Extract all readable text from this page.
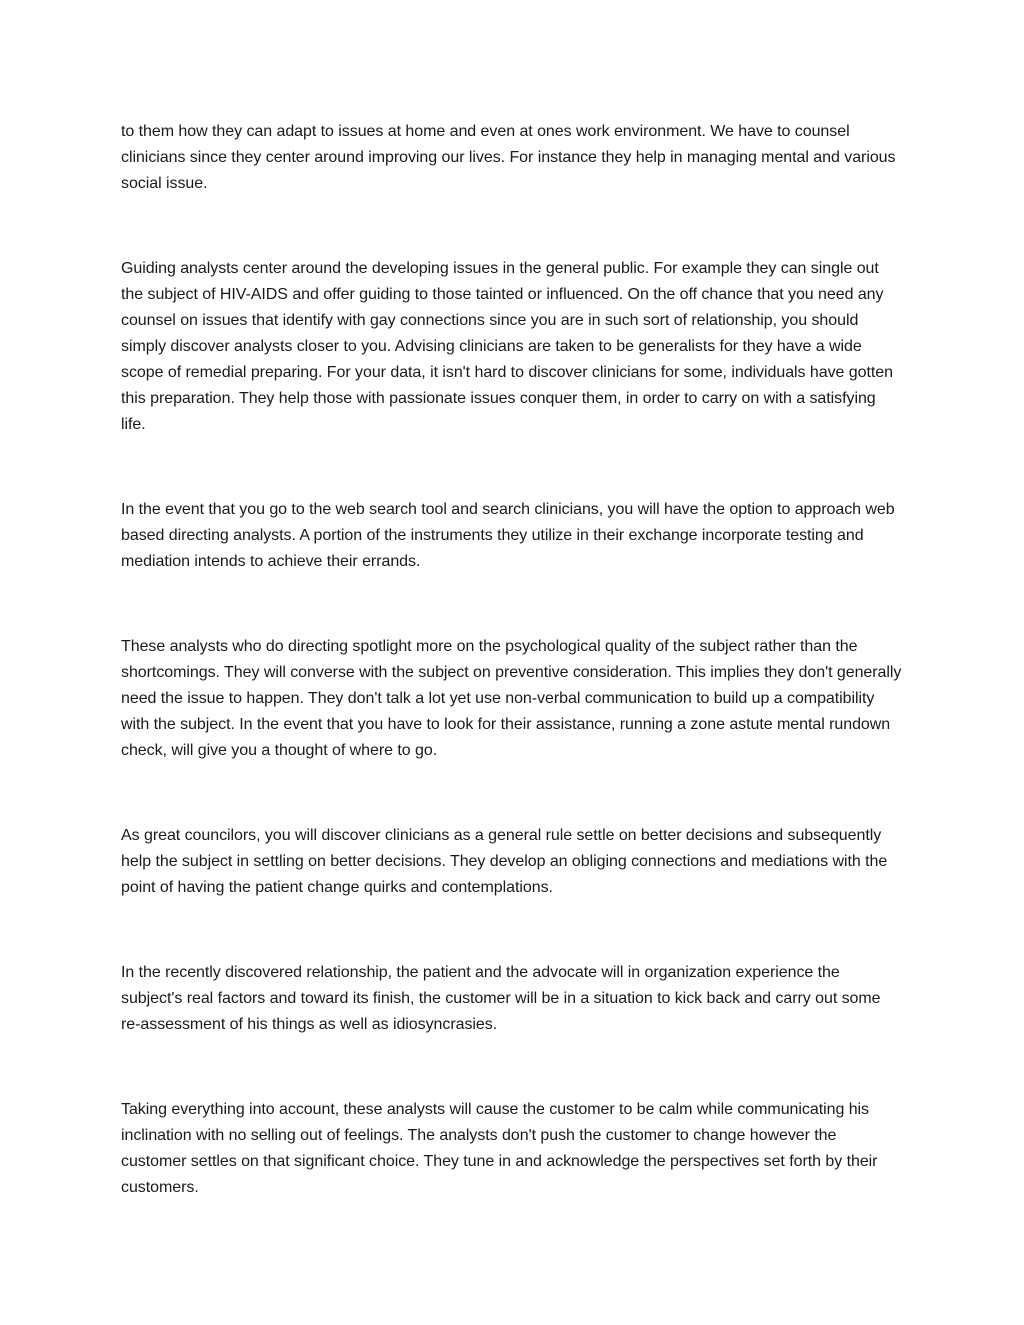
to them how they can adapt to issues at home and even at ones work environment. We have to counsel clinicians since they center around improving our lives. For instance they help in managing mental and various social issue.

Guiding analysts center around the developing issues in the general public. For example they can single out the subject of HIV-AIDS and offer guiding to those tainted or influenced. On the off chance that you need any counsel on issues that identify with gay connections since you are in such sort of relationship, you should simply discover analysts closer to you. Advising clinicians are taken to be generalists for they have a wide scope of remedial preparing. For your data, it isn't hard to discover clinicians for some, individuals have gotten this preparation. They help those with passionate issues conquer them, in order to carry on with a satisfying life.

In the event that you go to the web search tool and search clinicians, you will have the option to approach web based directing analysts. A portion of the instruments they utilize in their exchange incorporate testing and mediation intends to achieve their errands.

These analysts who do directing spotlight more on the psychological quality of the subject rather than the shortcomings. They will converse with the subject on preventive consideration. This implies they don't generally need the issue to happen. They don't talk a lot yet use non-verbal communication to build up a compatibility with the subject. In the event that you have to look for their assistance, running a zone astute mental rundown check, will give you a thought of where to go.

As great councilors, you will discover clinicians as a general rule settle on better decisions and subsequently help the subject in settling on better decisions. They develop an obliging connections and mediations with the point of having the patient change quirks and contemplations.

In the recently discovered relationship, the patient and the advocate will in organization experience the subject's real factors and toward its finish, the customer will be in a situation to kick back and carry out some re-assessment of his things as well as idiosyncrasies.

Taking everything into account, these analysts will cause the customer to be calm while communicating his inclination with no selling out of feelings. The analysts don't push the customer to change however the customer settles on that significant choice. They tune in and acknowledge the perspectives set forth by their customers.
